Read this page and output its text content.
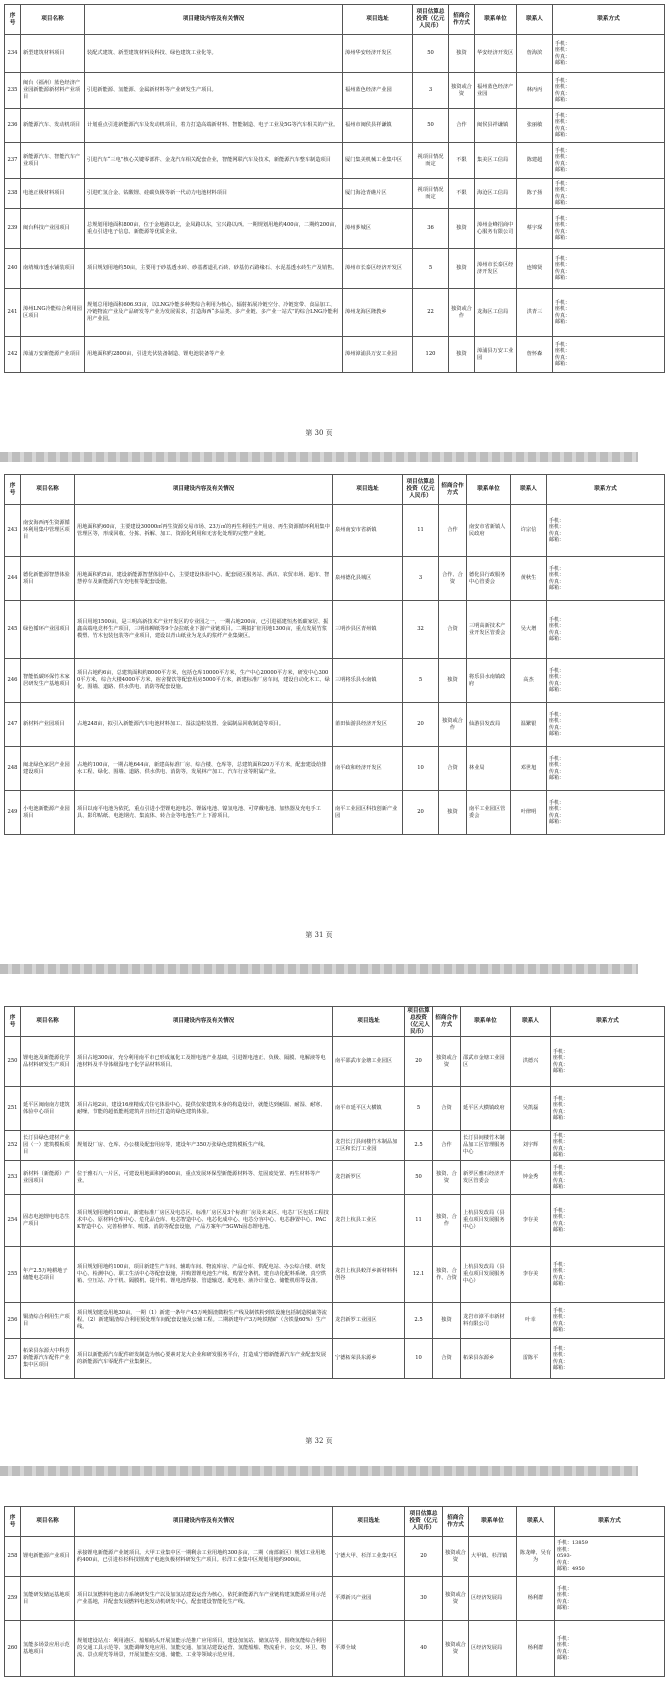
序号	项目名称	项目建设内容及有关情况	项目选址	项目估算总投资（亿元人民币）	招商合作方式	联系单位	联系人	联系方式
234	新型建筑材料项目	装配式建筑、新型建筑材料及科技、绿色建筑工业化等。	漳州华安经济开发区	50	独资	华安经济开发区	詹海滨	手机：
座机：
传真：
邮箱：

235	闽台（福州）蓝色经济产业园新能源新材料产业项目	引进新能源、氢能源、金属新材料等产业研发生产项目。	福州蓝色经济产业园	3	独资或合资	福州蓝色经济产业园	林丙丙	手机：
座机：
传真：
邮箱：

236	新能源汽车、发动机项目	计划重点引进新能源汽车及发动机项目，着力打造高端新材料、智能制造、电子工业及5G等汽车相关的产业。	福州市闽侯县祥谦镇	50	合作	闽侯县祥谦镇	张丽敏	手机：
座机：
传真：
邮箱：

237	新能源汽车、智能汽车产业项目	引进汽车“三电”核心关键零部件、金龙汽车相关配套企业，智能网联汽车及技术，新能源汽车整车制造项目	厦门集美机械工业集中区	视项目情况而定	不限	集美区工信局	陈建超	手机：
座机：
传真：
邮箱：

238	电池正极材料项目	引进贮氢合金、钴酸锂、硅碳负极等新一代动力电池材料项目	厦门海沧青礁片区	视项目情况而定	不限	海沧区工信局	陈子扬	手机：
座机：
传真：
邮箱：

239	闽台科技产业园项目	总规划用地面积800亩，位于金地路以北，金凤路以东，宝兴路以西。一期规划用地约400亩，二期约200亩，重点引进电子信息、新能源等优质企业。	漳州芗城区	36	独资	漳州金峰招商中心服务有限公司	蔡宇琛	手机：
座机：
传真：
邮箱：

240	南靖城市透水铺装项目	项目规划用地约50亩，主要用于砂基透水砖、砂基蓄道孔石砖、砂基仿石路缘石、水泥基透水砖生产及销售。	漳州市长泰区经济开发区	5	独资	漳州市长泰区经济开发区	连锦贤	手机：
座机：
传真：
邮箱：

241	漳州LNG冷能综合利用园区项目	规划总用地面积606.93亩，以LNG冷能多种类综合利用为核心，辐射拓展冷链空分、冷链宽带、食品加工、冷链物流产业及产品研发等产业为发展需求，打造海西“多品类、多产业链、多产业一站式”的综合LNG冷能利用产业园。	漳州龙海区隆教乡	22	独资或合作	龙海区工信局	洪青三	手机：
座机：
传真：
邮箱：

242	漳浦万安新能源产业项目	用地面积约2800亩，引进光伏装备制造、锂电池装备等产业	漳州漳浦县万安工业园	120	独资	漳浦县万安工业园	詹怀森	手机：
座机：
传真：
邮箱：
第 30 页
序号	项目名称	项目建设内容及有关情况	项目选址	项目估算总投资（亿元人民币）	招商合作方式	联系单位	联系人	联系方式
243	南安海西再生资源循环利用集中管理区项目	用地面积约60亩，主要建设30000㎡再生资源交易市场、23万㎡的再生利用生产用房、再生资源循环利用集中管理区等，形成回收、分拣、拆解、加工、资源化利用和无害化处理的完整产业链。	泉州南安市省新镇	11	合作	南安市省新镇人民政府	许宗信	手机：
座机：
传真：
邮箱：

244	德化新能源智慧体验项目	用地面积约5亩，建设新能源智慧体验中心，主要建设体验中心、配套展区服务站、酒店、农贸市场、超市、智慧停车及新能源汽车充电桩等配套设施。	泉州德化县城区	3	合作、合资	德化县行政服务中心管委会	黄秋生	手机：
座机：
传真：
邮箱：

245	绿色循环产业园项目	项目用地1500亩，是三明高新技术产业开发区的专业园之一，一期占地200亩，已引进福建恒杰低碳家居、振鑫高端电竞杯生产项目，三明纬柳纸等9个杂拉纸业下游产业链项目。二期拟扩征用地1300亩，重点发展竹浆模塑、竹木包装包装等产业项目，建设以青山纸业为龙头的浆纤产业集聚区。	三明沙县区青州镇	32	合资	三明高新技术产业开发区管委会	吴大增	手机：
座机：
传真：
邮箱：

246	智能低碳环保竹木家居研发生产基地项目	项目占地约6亩，总建筑面积约8000平方米，包括仓库10000平方米，生产中心20000平方米，研发中心3000平方米，综合大楼4000平方米，宿舍餐饮等配套用房5000平方米，新建标准厂房车间，建设自动化木工、绿化、围墙、道路、供水供电、消防等配套设施。	三明将乐县水南镇	5	独资	将乐县水南镇政府	高杰	手机：
座机：
传真：
邮箱：

247	新材料产业园项目	占地248亩，拟引入新能源汽车电池材料加工、湿法造粒装置、金属制品回收制造等项目。	莆田仙游县经济开发区	20	独资或合作	仙游县发改局	温繁银	手机：
座机：
传真：
邮箱：

248	闽北绿色家居产业园建设项目	占地约100亩，一期占地644亩，新建高标准厂房、综合楼、仓库等，总建筑面积20万平方米，配套建设给排水工程、绿化、围墙、道路、供水供电、消防等，发展林产加工、汽车行业等附属产业。	南平政和经济开发区	10	合资	林业局	邓世旭	手机：
座机：
传真：
邮箱：

249	小电池新能源产业园项目	项目以南平电池为依托，重点引进小型锂电池电芯、锂锰电池、镍氢电池、可穿戴电池、加热器及充电手工具、影印贴纸、电池钢壳、集流体、转合金等电池生产上下游项目。	南平工业园区科技创新产业园	20	独资	南平工业园区管委会	叶律明	手机：
座机：
传真：
邮箱：
第 31 页
序号	项目名称	项目建设内容及有关情况	项目选址	项目估算总投资（亿元人民币）	招商合作方式	联系单位	联系人	联系方式
250	锂电池及新能源化学品材料研发生产项目	项目占地300亩，充分利用南平市已形成氟化工及锂电池产业基础，引进锂电池正、负极、隔膜、电解液等电池材料及半导体级湿电子化学品材料项目。	南平邵武市金塘工业园区	20	独资或合资	邵武市金塘工业园区	洪德兴	手机：
座机：
传真：
邮箱：

251	延平区闽南南方建筑体验中心项目	项目占地2亩，建设16座精成式住宅体验中心，提供仅依建筑本身的构造设计，就能达到耐温、耐湿、耐寒、耐噪、节能的超低能耗建筑并且经过打造的绿色建筑体验。	南平市延平区大横镇	5	合资	延平区大横镇政府	吴凯磊	手机：
座机：
传真：
邮箱：

252	长汀县绿色建材产业园（一）建筑模板项目	规划设厂房、仓库、办公楼及配套用房等，建设年产350万张绿色建筑模板生产线。	龙岩长汀县间楼竹木制品加工区和长汀工业园	2.5	合作	长汀县间楼竹木制品加工区管理服务中心	刘宇辉	手机：
座机：
传真：
邮箱：

253	新材料（新能源）产业园项目	位于雅石八一片区，可建设用地面积约600亩，重点发展环保型新能源材料等、危固废处置、再生材料等产业。	龙岩新罗区	50	独资、合资	新罗区雅石经济开发区管委会	钟金秀	手机：
座机：
传真：
邮箱：

254	固态电池锂电电芯生产项目	项目规划用地约100亩，新建标准厂房区及电芯区、标准厂房区及3个标准厂房及未来区、电芯厂区包括工程技术中心、原材料仓库中心、危化品仓库、电芯智造中心、电芯化成中心、电芯分容中心、电芯静置中心、PACK智造中心、完善检修车、喷漆、消防等配套设施，产品方案年产5GWh固态锂电池。	龙岩上杭县工业区	11	独资、合作	上杭县发改局（县重点项目发展服务中心）	李存美	手机：
座机：
传真：
邮箱：

255	年产2.5万吨耕地子储能电芯项目	项目规划用地约100亩，项目新建生产车间、辅助车间、物流库房、产品仓库、供配电站、办公综合楼、研发中心、检测中心、职工生活中心等配套设施，并购置锂电池生产线、购置分条机、建自动化配料系统、真空烘箱、空压站、冷干机、隔膜机、提升机、锂电池焊接、管道输送、配电柜、液冷计量仓、储能机组等设备。	龙岩上杭县蛟洋乡新材料科创谷	12.1	独资、合作、合资	上杭县发改局（县重点项目发展服务中心）	李存美	手机：
座机：
传真：
邮箱：

256	铜渣综合利用生产项目	项目规划建设用地30亩，一期（1）新建一条年产45万吨铜渣微粉生产线及制铁粉到铁设施包括制造脱硫等流程。（2）新建铜渣综合利用预处理车间配套设施及公辅工程。二期新建年产3万吨铁精矿（含铁量60%）生产线。	龙岩新罗工业园区	2.5	独资	龙岩市漳平市新材料有限公司	叶幸	手机：
座机：
传真：
邮箱：

257	柘荣县东源大中科芳新能源汽车配件产业集中区项目	项目以新能源汽车配件研发制造为核心要素对龙大企业和研发服务平台，打造成宁德新能源汽车产业配套发展的新能源汽车零配件产业集聚区。	宁德柘荣县东源乡	10	合资	柘荣县东源乡	雷陈平	手机：
座机：
传真：
邮箱：
第 32 页
序号	项目名称	项目建设内容及有关情况	项目选址	项目估算总投资（亿元人民币）	招商合作方式	联系单位	联系人	联系方式
258	锂电新能源产业项目	承接锂电新能源产业链项目。大甲工业集中区一期剩余工业用地约300多亩，二期（南部新区）规划工业用地约400亩，已引进杉杉科技锂离子电池负极材料研发生产项目。杉洋工业集中区规划用地约900亩。	宁德大甲、杉洋工业集中区	20	独资或合资	大甲镇、杉洋镇	陈龙峰、吴有为	手机：13859
座机：
0593-
传真：
邮箱：4950

259	氢能研发储运基地项目	项目以氢燃料电池动力系统研发生产以及加氢站建设运营为核心，依托新能源汽车产业链构建氢能源应用示范产业基地，并配套发展燃料电池发动机研发中心，配套建设智能化生产线。	平潭新兴产业园	30	独资或合资	区经济发展局	杨利群	手机：
座机：
传真：
邮箱：

260	氢能多场景应用示范基地项目	规划建设站点：利用港区、船舶码头开展氢能示范推广应用项目，建设加氢站、储氢站等，围绕氢能综合利用的交通工具示范等、氢能调峰发电应用、氢能交通、加氢站建设运营、氢能船舶、物流重卡、公交、环卫、物流、景点观光等场景，开展氢能在交通、储能、工业等领域示范应用。	平潭全域	40	独资或合资	区经济发展局	杨利群	手机：
座机：
传真：
邮箱：
